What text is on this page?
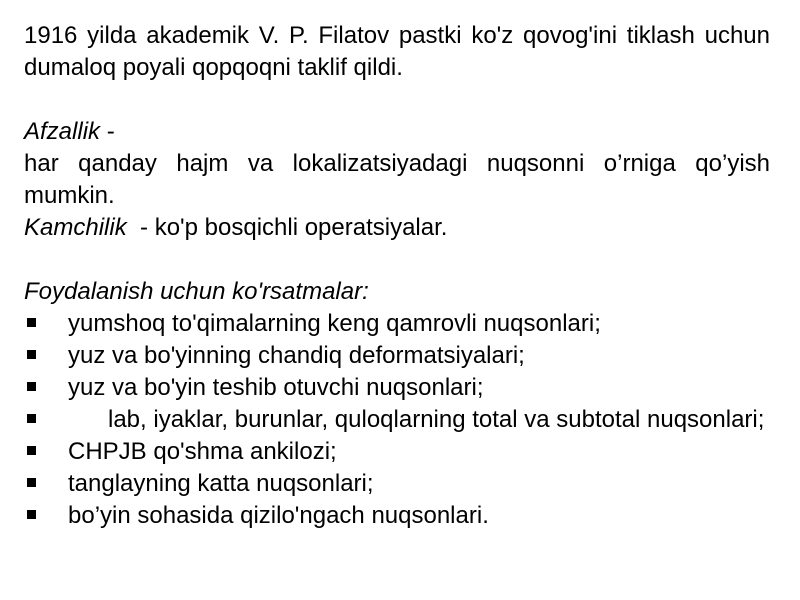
1916 yilda akademik V. P. Filatov pastki ko'z qovog'ini tiklash uchun dumaloq poyali qopqoqni taklif qildi.

Afzallik -

har qanday hajm va lokalizatsiyadagi nuqsonni o’rniga qo’yish mumkin.

Kamchilik  - ko'p bosqichli operatsiyalar.

Foydalanish uchun ko'rsatmalar:

yumshoq to'qimalarning keng qamrovli nuqsonlari;
yuz va bo'yinning chandiq deformatsiyalari;
yuz va bo'yin teshib otuvchi nuqsonlari;
lab, iyaklar, burunlar, quloqlarning total va subtotal nuqsonlari;
CHPJB qo'shma ankilozi;
tanglayning katta nuqsonlari;
bo’yin sohasida qizilo'ngach nuqsonlari.
